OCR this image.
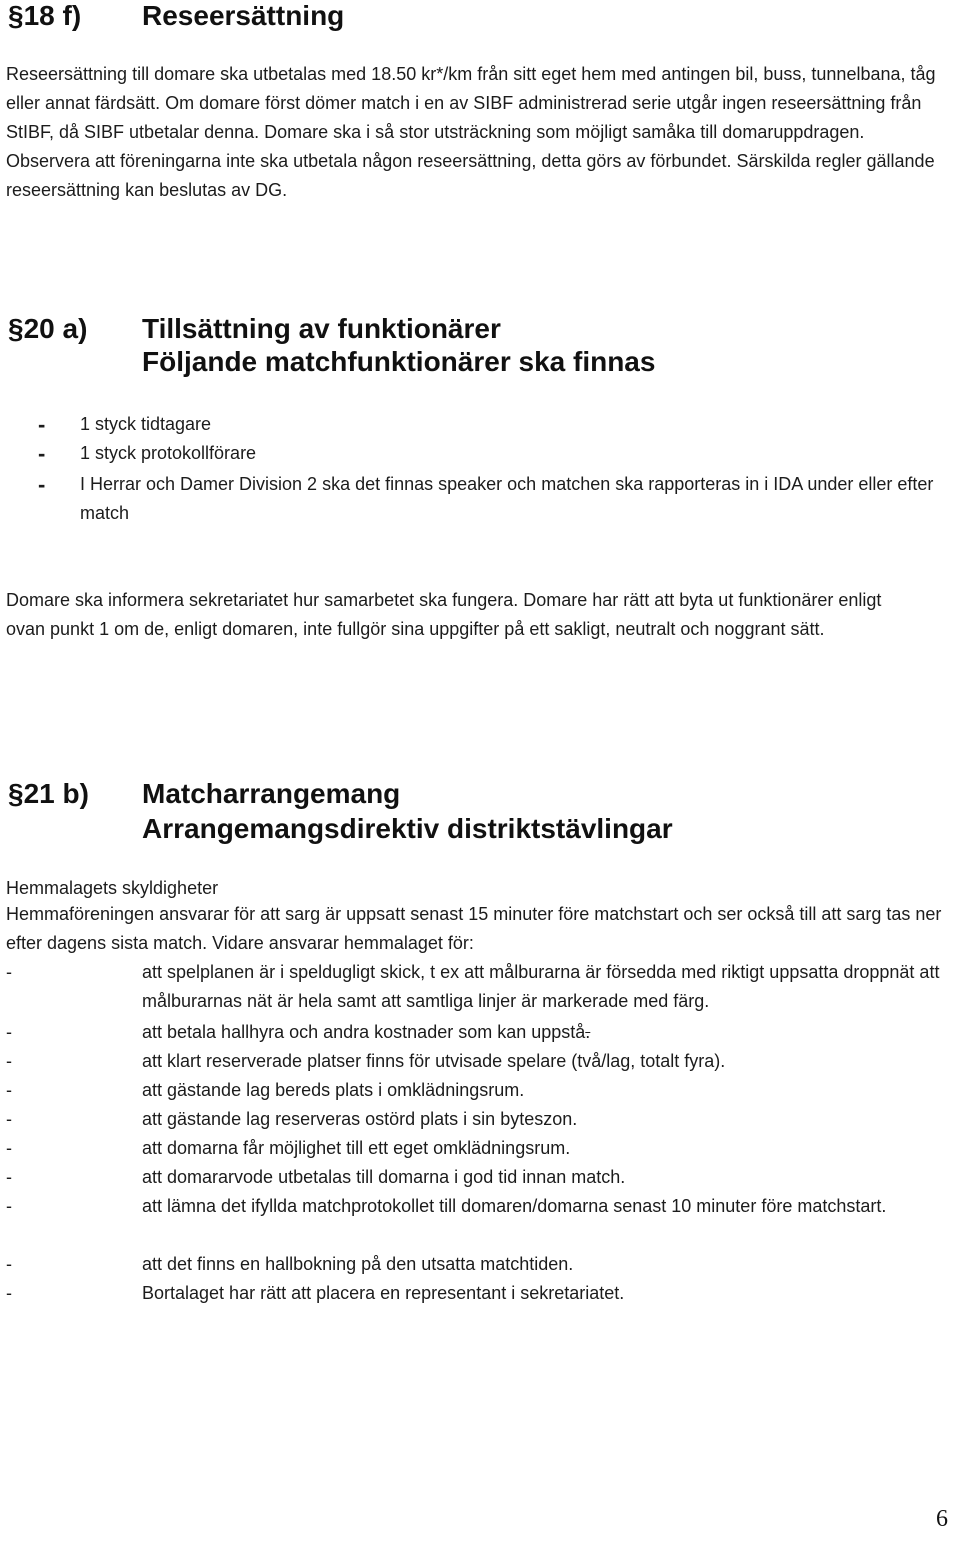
§18 f) Reseersättning

Reseersättning till domare ska utbetalas med 18.50 kr*/km från sitt eget hem med antingen bil, buss, tunnelbana, tåg eller annat färdsätt. Om domare först dömer match i en av SIBF administrerad serie utgår ingen reseersättning från StIBF, då SIBF utbetalar denna. Domare ska i så stor utsträckning som möjligt samåka till domaruppdragen. Observera att föreningarna inte ska utbetala någon reseersättning, detta görs av förbundet. Särskilda regler gällande reseersättning kan beslutas av DG.

§20 a) Tillsättning av funktionärer
Följande matchfunktionärer ska finnas
- 1 styck tidtagare
- 1 styck protokollförare
- I Herrar och Damer Division 2 ska det finnas speaker och matchen ska rapporteras in i IDA under eller efter match

Domare ska informera sekretariatet hur samarbetet ska fungera. Domare har rätt att byta ut funktionärer enligt ovan punkt 1 om de, enligt domaren, inte fullgör sina uppgifter på ett sakligt, neutralt och noggrant sätt.

§21 b) Matcharrangemang
Arrangemangsdirektiv distriktstävlingar
Hemmalagets skyldigheter

Hemmaföreningen ansvarar för att sarg är uppsatt senast 15 minuter före matchstart och ser också till att sarg tas ner efter dagens sista match. Vidare ansvarar hemmalaget för:

-	att spelplanen är i speldugligt skick, t ex att målburarna är försedda med riktigt uppsatta droppnät att målburarnas nät är hela samt att samtliga linjer är markerade med färg.
-	att betala hallhyra och andra kostnader som kan uppstå.
-	att klart reserverade platser finns för utvisade spelare (två/lag, totalt fyra).
-	att gästande lag bereds plats i omklädningsrum.
-	att gästande lag reserveras ostörd plats i sin byteszon.
-	att domarna får möjlighet till ett eget omklädningsrum.
-	att domararvode utbetalas till domarna i god tid innan match.
-	att lämna det ifyllda matchprotokollet till domaren/domarna senast 10 minuter före matchstart.
-	att det finns en hallbokning på den utsatta matchtiden.
-	Bortalaget har rätt att placera en representant i sekretariatet.
6
